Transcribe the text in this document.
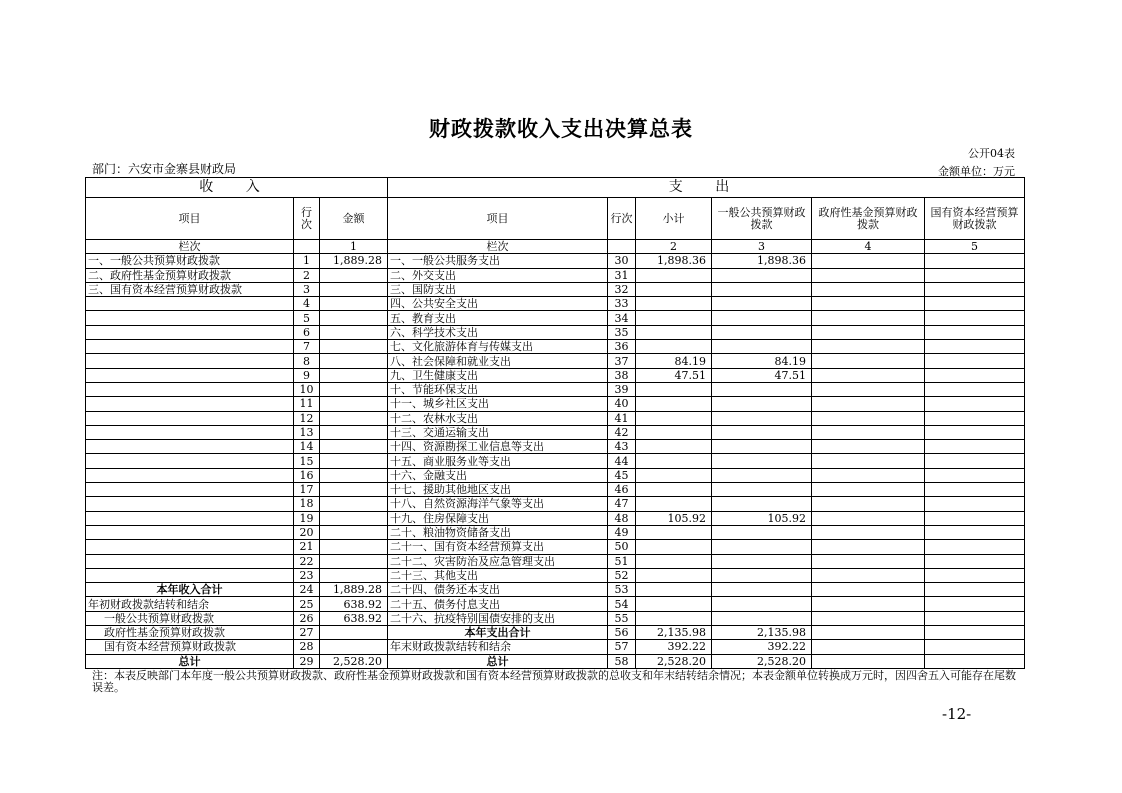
财政拨款收入支出决算总表
公开04表
部门：六安市金寨县财政局	金额单位：万元
收 入			支 出					
项目	行次	金额	项目	行次	小计	一般公共预算财政拨款	政府性基金预算财政拨款	国有资本经营预算财政拨款
栏次		1	栏次		2	3	4	5
一、一般公共预算财政拨款	1	1,889.28	一、一般公共服务支出	30	1,898.36	1,898.36		
二、政府性基金预算财政拨款	2		二、外交支出	31				
三、国有资本经营预算财政拨款	3		三、国防支出	32				
	4		四、公共安全支出	33				
	5		五、教育支出	34				
	6		六、科学技术支出	35				
	7		七、文化旅游体育与传媒支出	36				
	8		八、社会保障和就业支出	37	84.19	84.19		
	9		九、卫生健康支出	38	47.51	47.51		
	10		十、节能环保支出	39				
	11		十一、城乡社区支出	40				
	12		十二、农林水支出	41				
	13		十三、交通运输支出	42				
	14		十四、资源勘探工业信息等支出	43				
	15		十五、商业服务业等支出	44				
	16		十六、金融支出	45				
	17		十七、援助其他地区支出	46				
	18		十八、自然资源海洋气象等支出	47				
	19		十九、住房保障支出	48	105.92	105.92		
	20		二十、粮油物资储备支出	49				
	21		二十一、国有资本经营预算支出	50				
	22		二十二、灾害防治及应急管理支出	51				
	23		二十三、其他支出	52				
本年收入合计	24	1,889.28	二十四、债务还本支出	53				
年初财政拨款结转和结余	25	638.92	二十五、债务付息支出	54				
一般公共预算财政拨款	26	638.92	二十六、抗疫特别国债安排的支出	55				
政府性基金预算财政拨款	27		本年支出合计	56	2,135.98	2,135.98		
国有资本经营预算财政拨款	28		年末财政拨款结转和结余	57	392.22	392.22		
总计	29	2,528.20	总计	58	2,528.20	2,528.20		
注：本表反映部门本年度一般公共预算财政拨款、政府性基金预算财政拨款和国有资本经营预算财政拨款的总收支和年末结转结余情况；本表金额单位转换成万元时，因四舍五入可能存在尾数误差。
-12-
